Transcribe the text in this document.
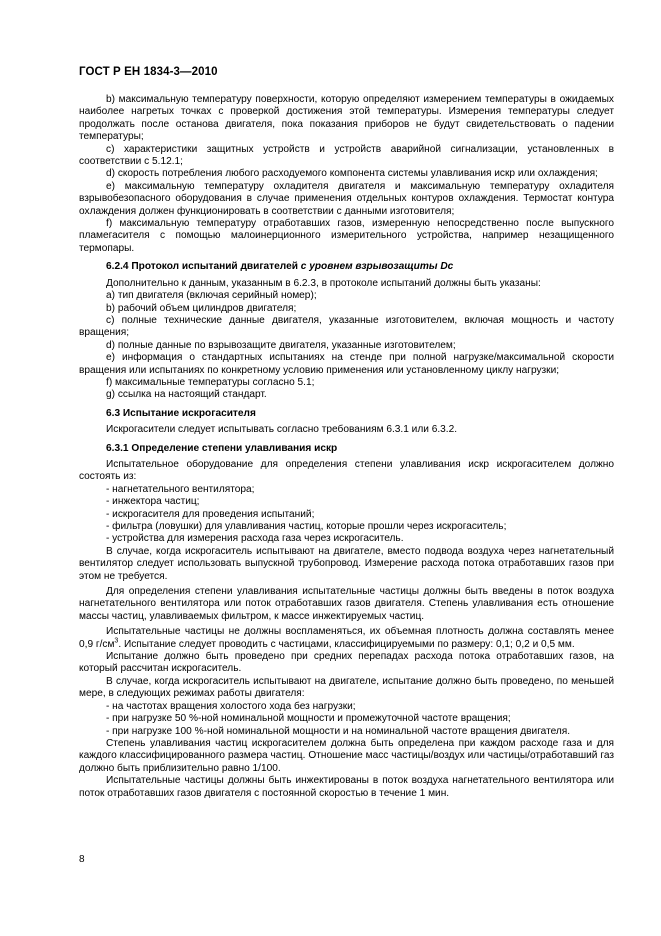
ГОСТ Р ЕН 1834-3—2010

b) максимальную температуру поверхности, которую определяют измерением температуры в ожидаемых наиболее нагретых точках с проверкой достижения этой температуры. Измерения температуры следует продолжать после останова двигателя, пока показания приборов не будут свидетельствовать о падении температуры;

c) характеристики защитных устройств и устройств аварийной сигнализации, установленных в соответствии с 5.12.1;

d) скорость потребления любого расходуемого компонента системы улавливания искр или охлаждения;

e) максимальную температуру охладителя двигателя и максимальную температуру охладителя взрывобезопасного оборудования в случае применения отдельных контуров охлаждения. Термостат контура охлаждения должен функционировать в соответствии с данными изготовителя;

f) максимальную температуру отработавших газов, измеренную непосредственно после выпускного пламегасителя с помощью малоинерционного измерительного устройства, например незащищенного термопары.

6.2.4 Протокол испытаний двигателей с уровнем взрывозащиты Dc

Дополнительно к данным, указанным в 6.2.3, в протоколе испытаний должны быть указаны:

a) тип двигателя (включая серийный номер);

b) рабочий объем цилиндров двигателя;

c) полные технические данные двигателя, указанные изготовителем, включая мощность и частоту вращения;

d) полные данные по взрывозащите двигателя, указанные изготовителем;

e) информация о стандартных испытаниях на стенде при полной нагрузке/максимальной скорости вращения или испытаниях по конкретному условию применения или установленному циклу нагрузки;

f) максимальные температуры согласно 5.1;

g) ссылка на настоящий стандарт.

6.3 Испытание искрогасителя

Искрогасители следует испытывать согласно требованиям 6.3.1 или 6.3.2.

6.3.1 Определение степени улавливания искр

Испытательное оборудование для определения степени улавливания искр искрогасителем должно состоять из:

- нагнетательного вентилятора;

- инжектора частиц;

- искрогасителя для проведения испытаний;

- фильтра (ловушки) для улавливания частиц, которые прошли через искрогаситель;

- устройства для измерения расхода газа через искрогаситель.

В случае, когда искрогаситель испытывают на двигателе, вместо подвода воздуха через нагнетательный вентилятор следует использовать выпускной трубопровод. Измерение расхода потока отработавших газов при этом не требуется.

Для определения степени улавливания испытательные частицы должны быть введены в поток воздуха нагнетательного вентилятора или поток отработавших газов двигателя. Степень улавливания есть отношение массы частиц, улавливаемых фильтром, к массе инжектируемых частиц.

Испытательные частицы не должны воспламеняться, их объемная плотность должна составлять менее 0,9 $г/см^3$. Испытание следует проводить с частицами, классифицируемыми по размеру: 0,1; 0,2 и 0,5 мм.

Испытание должно быть проведено при средних перепадах расхода потока отработавших газов, на который рассчитан искрогаситель.

В случае, когда искрогаситель испытывают на двигателе, испытание должно быть проведено, по меньшей мере, в следующих режимах работы двигателя:

- на частотах вращения холостого хода без нагрузки;

- при нагрузке 50 %-ной номинальной мощности и промежуточной частоте вращения;

- при нагрузке 100 %-ной номинальной мощности и на номинальной частоте вращения двигателя.

Степень улавливания частиц искрогасителем должна быть определена при каждом расходе газа и для каждого классифицированного размера частиц. Отношение масс частицы/воздух или частицы/отработавший газ должно быть приблизительно равно 1/100.

Испытательные частицы должны быть инжектированы в поток воздуха нагнетательного вентилятора или поток отработавших газов двигателя с постоянной скоростью в течение 1 мин.

8
